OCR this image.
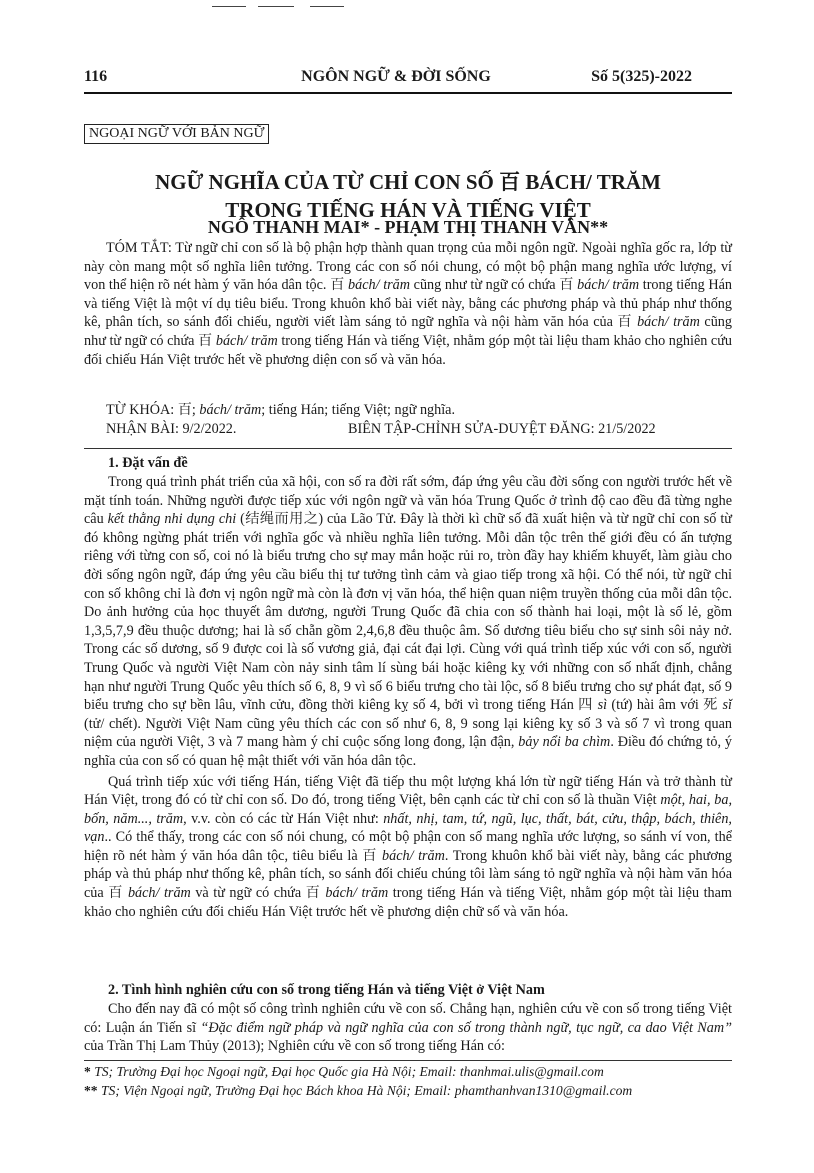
116	NGÔN NGỮ & ĐỜI SỐNG	Số 5(325)-2022
NGOẠI NGỮ VỚI BẢN NGỮ
NGỮ NGHĨA CỦA TỪ CHỈ CON SỐ 百 BÁCH/ TRĂM
TRONG TIẾNG HÁN VÀ TIẾNG VIỆT
NGÔ THANH MAI* - PHẠM THỊ THANH VÂN**

TÓM TẮT: Từ ngữ chỉ con số là bộ phận hợp thành quan trọng của mỗi ngôn ngữ. Ngoài nghĩa gốc ra, lớp từ này còn mang một số nghĩa liên tưởng. Trong các con số nói chung, có một bộ phận mang nghĩa ước lượng, ví von thể hiện rõ nét hàm ý văn hóa dân tộc. 百 bách/ trăm cũng như từ ngữ có chứa 百 bách/ trăm trong tiếng Hán và tiếng Việt là một ví dụ tiêu biểu. Trong khuôn khổ bài viết này, bằng các phương pháp và thủ pháp như thống kê, phân tích, so sánh đối chiếu, người viết làm sáng tỏ ngữ nghĩa và nội hàm văn hóa của 百 bách/ trăm cũng như từ ngữ có chứa 百 bách/ trăm trong tiếng Hán và tiếng Việt, nhằm góp một tài liệu tham khảo cho nghiên cứu đối chiếu Hán Việt trước hết về phương diện con số và văn hóa.

TỪ KHÓA: 百; bách/ trăm; tiếng Hán; tiếng Việt; ngữ nghĩa.
NHẬN BÀI: 9/2/2022.	BIÊN TẬP-CHỈNH SỬA-DUYỆT ĐĂNG: 21/5/2022
1. Đặt vấn đề

Trong quá trình phát triển của xã hội, con số ra đời rất sớm, đáp ứng yêu cầu đời sống con người trước hết về mặt tính toán. Những người được tiếp xúc với ngôn ngữ và văn hóa Trung Quốc ở trình độ cao đều đã từng nghe câu kết thằng nhi dụng chi (结绳而用之) của Lão Tử. Đây là thời kì chữ số đã xuất hiện và từ ngữ chỉ con số từ đó không ngừng phát triển với nghĩa gốc và nhiều nghĩa liên tưởng. Mỗi dân tộc trên thế giới đều có ấn tượng riêng với từng con số, coi nó là biểu trưng cho sự may mắn hoặc rủi ro, tròn đầy hay khiếm khuyết, làm giàu cho đời sống ngôn ngữ, đáp ứng yêu cầu biểu thị tư tưởng tình cảm và giao tiếp trong xã hội. Có thể nói, từ ngữ chỉ con số không chỉ là đơn vị ngôn ngữ mà còn là đơn vị văn hóa, thể hiện quan niệm truyền thống của mỗi dân tộc. Do ảnh hưởng của học thuyết âm dương, người Trung Quốc đã chia con số thành hai loại, một là số lẻ, gồm 1,3,5,7,9 đều thuộc dương; hai là số chẵn gồm 2,4,6,8 đều thuộc âm. Số dương tiêu biểu cho sự sinh sôi nảy nở. Trong các số dương, số 9 được coi là số vương giả, đại cát đại lợi. Cùng với quá trình tiếp xúc với con số, người Trung Quốc và người Việt Nam còn nảy sinh tâm lí sùng bái hoặc kiêng kỵ với những con số nhất định, chẳng hạn như người Trung Quốc yêu thích số 6, 8, 9 vì số 6 biểu trưng cho tài lộc, số 8 biểu trưng cho sự phát đạt, số 9 biểu trưng cho sự bền lâu, vĩnh cửu, đồng thời kiêng kỵ số 4, bởi vì trong tiếng Hán 四 sì (tứ) hài âm với 死 sǐ (tử/ chết). Người Việt Nam cũng yêu thích các con số như 6, 8, 9 song lại kiêng kỵ số 3 và số 7 vì trong quan niệm của người Việt, 3 và 7 mang hàm ý chỉ cuộc sống long đong, lận đận, bảy nổi ba chìm. Điều đó chứng tỏ, ý nghĩa của con số có quan hệ mật thiết với văn hóa dân tộc.

Quá trình tiếp xúc với tiếng Hán, tiếng Việt đã tiếp thu một lượng khá lớn từ ngữ tiếng Hán và trở thành từ Hán Việt, trong đó có từ chỉ con số. Do đó, trong tiếng Việt, bên cạnh các từ chỉ con số là thuần Việt một, hai, ba, bốn, năm..., trăm, v.v. còn có các từ Hán Việt như: nhất, nhị, tam, tứ, ngũ, lục, thất, bát, cửu, thập, bách, thiên, vạn.. Có thể thấy, trong các con số nói chung, có một bộ phận con số mang nghĩa ước lượng, so sánh ví von, thể hiện rõ nét hàm ý văn hóa dân tộc, tiêu biểu là 百 bách/ trăm. Trong khuôn khổ bài viết này, bằng các phương pháp và thủ pháp như thống kê, phân tích, so sánh đối chiếu chúng tôi làm sáng tỏ ngữ nghĩa và nội hàm văn hóa của 百 bách/ trăm và từ ngữ có chứa 百 bách/ trăm trong tiếng Hán và tiếng Việt, nhằm góp một tài liệu tham khảo cho nghiên cứu đối chiếu Hán Việt trước hết về phương diện chữ số và văn hóa.

2. Tình hình nghiên cứu con số trong tiếng Hán và tiếng Việt ở Việt Nam

Cho đến nay đã có một số công trình nghiên cứu về con số. Chẳng hạn, nghiên cứu về con số trong tiếng Việt có: Luận án Tiến sĩ “Đặc điểm ngữ pháp và ngữ nghĩa của con số trong thành ngữ, tục ngữ, ca dao Việt Nam” của Trần Thị Lam Thủy (2013); Nghiên cứu về con số trong tiếng Hán có:

* TS; Trường Đại học Ngoại ngữ, Đại học Quốc gia Hà Nội; Email: thanhmai.ulis@gmail.com
** TS; Viện Ngoại ngữ, Trường Đại học Bách khoa Hà Nội; Email: phamthanhvan1310@gmail.com
